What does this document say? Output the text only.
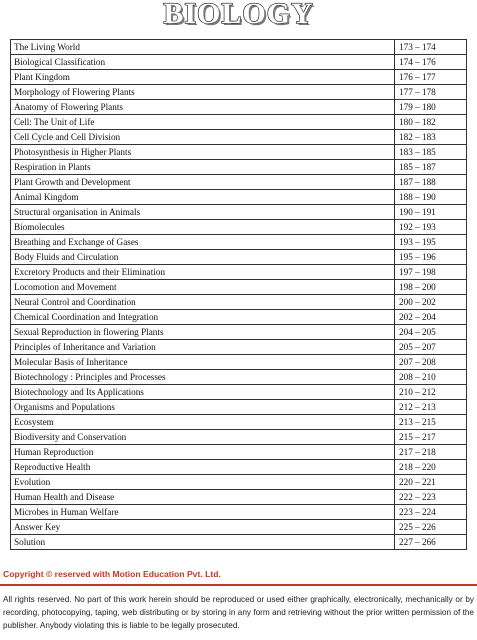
BIOLOGY
The Living World	173 – 174
Biological Classification	174 – 176
Plant Kingdom	176 – 177
Morphology of Flowering Plants	177 – 178
Anatomy of Flowering Plants	179 – 180
Cell: The Unit of Life	180 – 182
Cell Cycle and Cell Division	182 – 183
Photosynthesis in Higher Plants	183 – 185
Respiration in Plants	185 – 187
Plant Growth and Development	187 – 188
Animal Kingdom	188 – 190
Structural organisation in Animals	190 – 191
Biomolecules	192 – 193
Breathing and Exchange of Gases	193 – 195
Body Fluids and Circulation	195 – 196
Excretory Products and their Elimination	197 – 198
Locomotion and Movement	198 – 200
Neural Control and Coordination	200 – 202
Chemical Coordination and Integration	202 – 204
Sexual Reproduction in flowering Plants	204 – 205
Principles of Inheritance and Variation	205 – 207
Molecular Basis of Inheritance	207 – 208
Biotechnology : Principles and Processes	208 – 210
Biotechnology and Its Applications	210 – 212
Organisms and Populations	212 – 213
Ecosystem	213 – 215
Biodiversity and Conservation	215 – 217
Human Reproduction	217 – 218
Reproductive Health	218 – 220
Evolution	220 – 221
Human Health and Disease	222 – 223
Microbes in Human Welfare	223 – 224
Answer Key	225 – 226
Solution	227 – 266
Copyright © reserved with Motion Education Pvt. Ltd.
All rights reserved. No part of this work herein should be reproduced or used either graphically, electronically, mechanically or by recording, photocopying, taping, web distributing or by storing in any form and retrieving without the prior written permission of the publisher. Anybody violating this is liable to be legally prosecuted.
